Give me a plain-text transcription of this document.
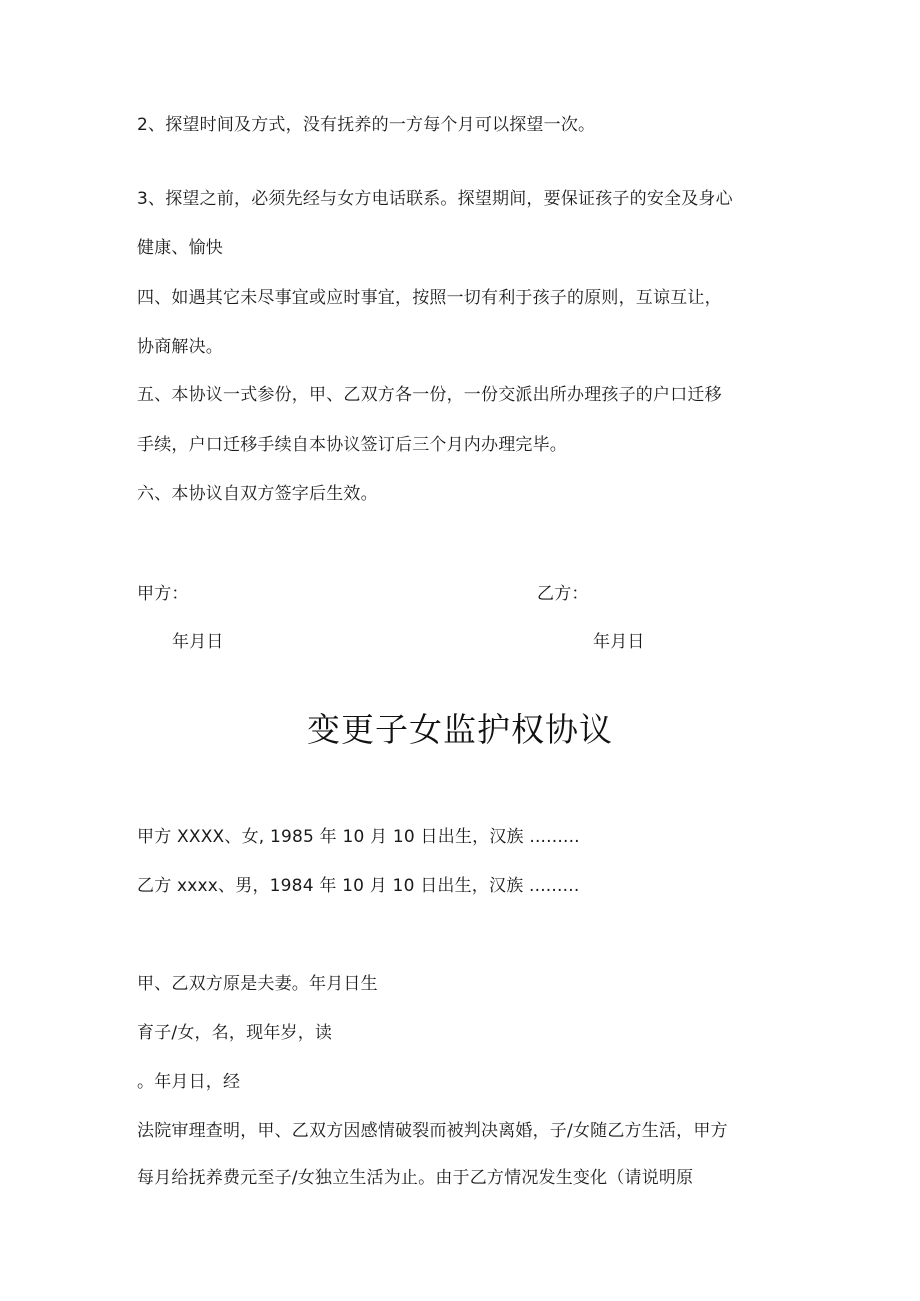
2、探望时间及方式，没有抚养的一方每个月可以探望一次。
3、探望之前，必须先经与女方电话联系。探望期间，要保证孩子的安全及身心
健康、愉快
四、如遇其它未尽事宜或应时事宜，按照一切有利于孩子的原则，互谅互让，
协商解决。
五、本协议一式参份，甲、乙双方各一份，一份交派出所办理孩子的户口迁移
手续，户口迁移手续自本协议签订后三个月内办理完毕。
六、本协议自双方签字后生效。
甲方：	乙方：
年月日	年月日
变更子女监护权协议
甲方 XXXX、女, 1985 年 10 月 10 日出生，汉族 .........
乙方 xxxx、男，1984 年 10 月 10 日出生，汉族 .........
甲、乙双方原是夫妻。年月日生
育子/女，名，现年岁，读
。年月日，经
法院审理查明，甲、乙双方因感情破裂而被判决离婚，子/女随乙方生活，甲方
每月给抚养费元至子/女独立生活为止。由于乙方情况发生变化（请说明原
